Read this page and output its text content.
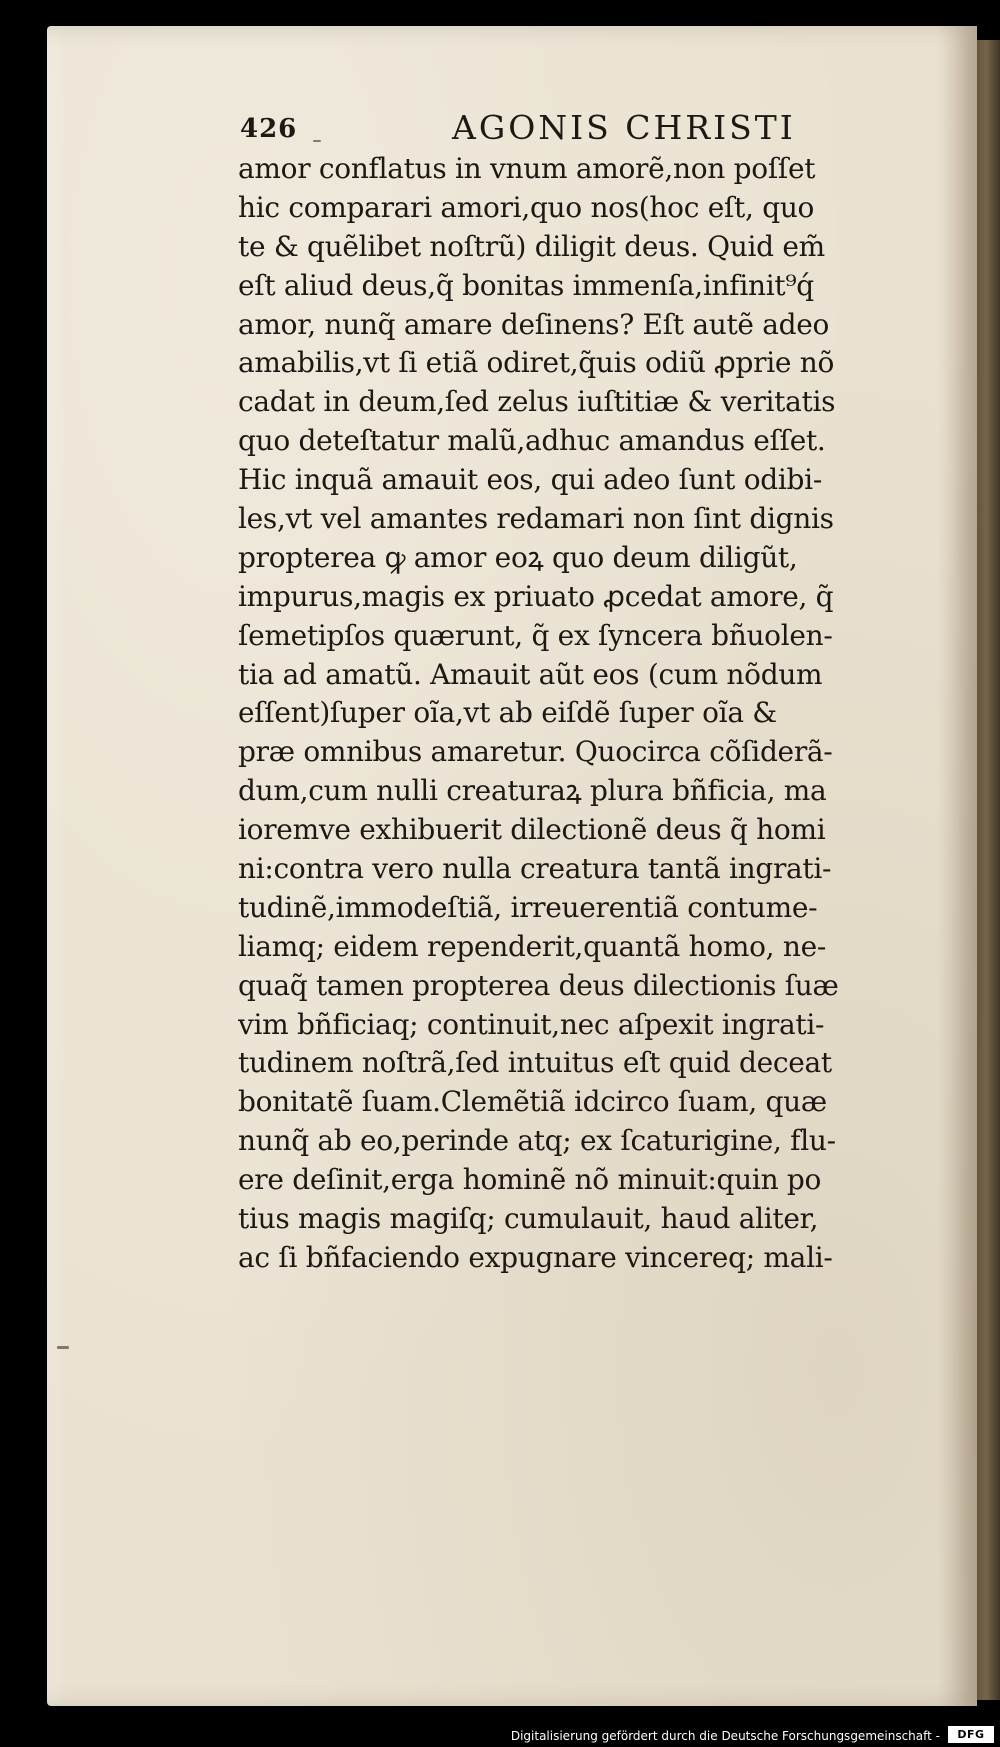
426	AGONIS CHRISTI
amor conflatus in vnum amorẽ,non poſſet
hic comparari amori,quo nos(hoc eſt, quo
te & quẽlibet noſtrũ) diligit deus. Quid em̃
eſt aliud deus,q̃ bonitas immenſa,infinit⁹q́
amor, nunq̃ amare deſinens? Eſt autẽ adeo
amabilis,vt ſi etiã odiret,q̃uis odiũ ꝓprie nõ
cadat in deum,ſed zelus iuſtitiæ & veritatis
quo deteſtatur malũ,adhuc amandus eſſet.
Hic inquã amauit eos, qui adeo ſunt odibi-
les,vt vel amantes redamari non ſint dignis
propterea ꝙ amor eoꝝ quo deum diligũt,
impurus,magis ex priuato ꝓcedat amore, q̃
ſemetipſos quærunt, q̃ ex ſyncera bñuolen-
tia ad amatũ. Amauit aũt eos (cum nõdum
eſſent)ſuper oĩa,vt ab eiſdẽ ſuper oĩa &
præ omnibus amaretur. Quocirca cõſiderã-
dum,cum nulli creaturaꝝ plura bñficia, ma
ioremve exhibuerit dilectionẽ deus q̃ homi
ni:contra vero nulla creatura tantã ingrati-
tudinẽ,immodeſtiã, irreuerentiã contume-
liamq; eidem rependerit,quantã homo, ne-
quaq̃ tamen propterea deus dilectionis ſuæ
vim bñficiaq; continuit,nec aſpexit ingrati-
tudinem noſtrã,ſed intuitus eſt quid deceat
bonitatẽ ſuam.Clemẽtiã idcirco ſuam, quæ
nunq̃ ab eo,perinde atq; ex ſcaturigine, flu-
ere deſinit,erga hominẽ nõ minuit:quin po
tius magis magiſq; cumulauit, haud aliter,
ac ſi bñfaciendo expugnare vincereq; mali-
Digitalisierung gefördert durch die Deutsche Forschungsgemeinschaft -	DFG
